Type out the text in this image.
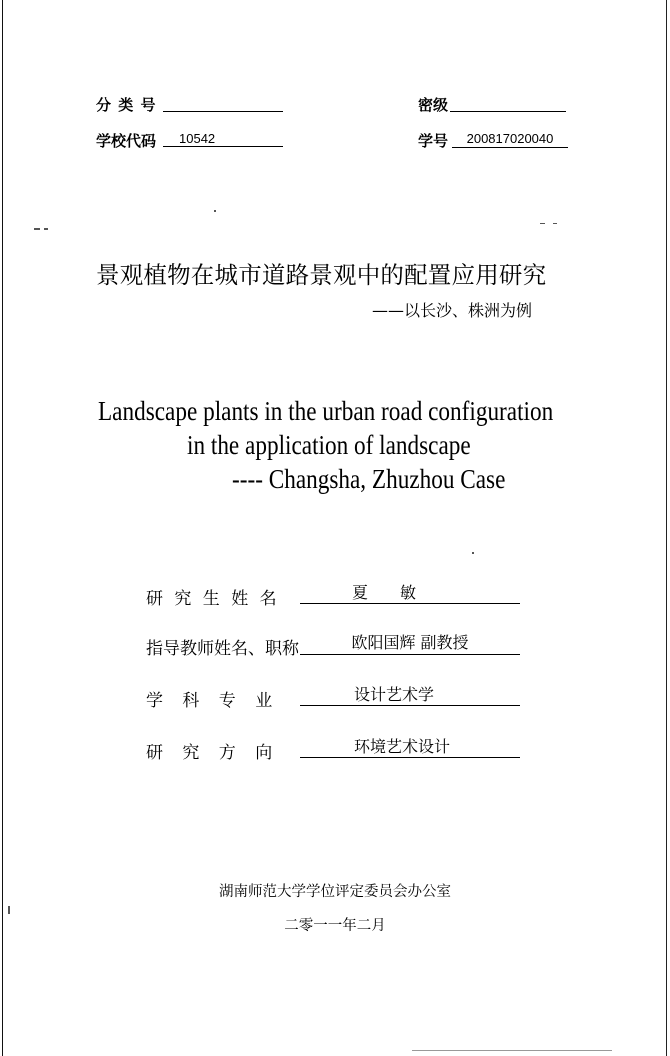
分 类 号	密级
学校代码	10542	学号	200817020040
景观植物在城市道路景观中的配置应用研究
——以长沙、株洲为例
Landscape plants in the urban road configuration
in the application of landscape
---- Changsha, Zhuzhou Case
研 究 生 姓 名	夏　　敏
指导教师姓名、职称	欧阳国辉 副教授
学 科 专 业	设计艺术学
研 究 方 向	环境艺术设计
湖南师范大学学位评定委员会办公室
二零一一年二月
